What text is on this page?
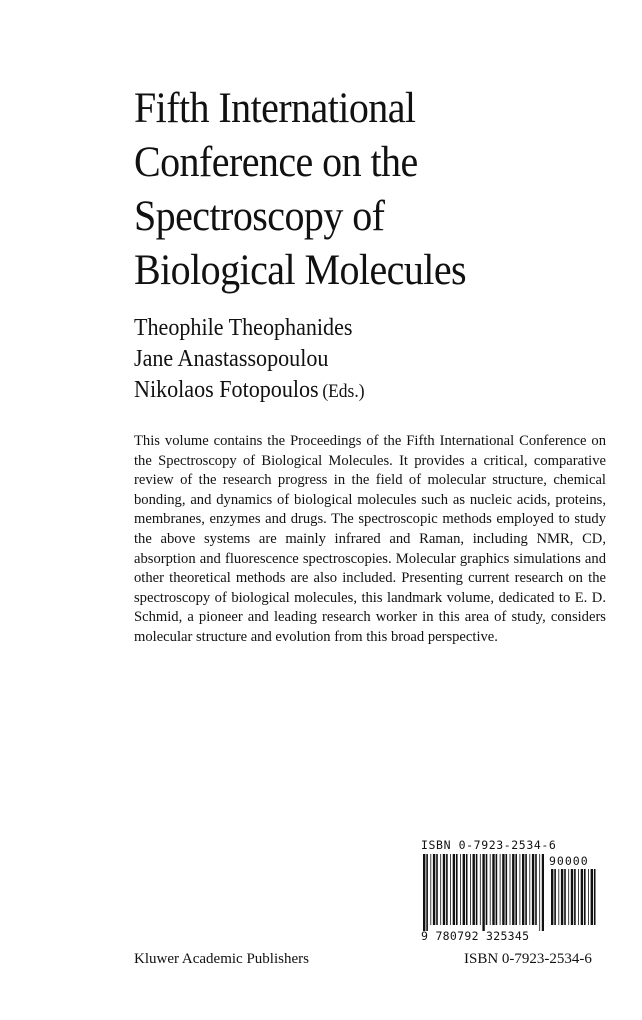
Fifth International
Conference on the
Spectroscopy of
Biological Molecules
Theophile Theophanides
Jane Anastassopoulou
Nikolaos Fotopoulos (Eds.)

This volume contains the Proceedings of the Fifth International Conference on the Spectroscopy of Biological Molecules. It provides a critical, comparative review of the research progress in the field of molecular structure, chemical bonding, and dynamics of biological molecules such as nucleic acids, proteins, membranes, enzymes and drugs. The spectroscopic methods employed to study the above systems are mainly infrared and Raman, including NMR, CD, absorption and fluorescence spectroscopies. Molecular graphics simulations and other theoretical methods are also included. Presenting current research on the spectroscopy of biological molecules, this landmark volume, dedicated to E. D. Schmid, a pioneer and leading research worker in this area of study, considers molecular structure and evolution from this broad perspective.

ISBN 0-7923-2534-6
90000
9 780792 325345
Kluwer Academic Publishers	ISBN 0-7923-2534-6
